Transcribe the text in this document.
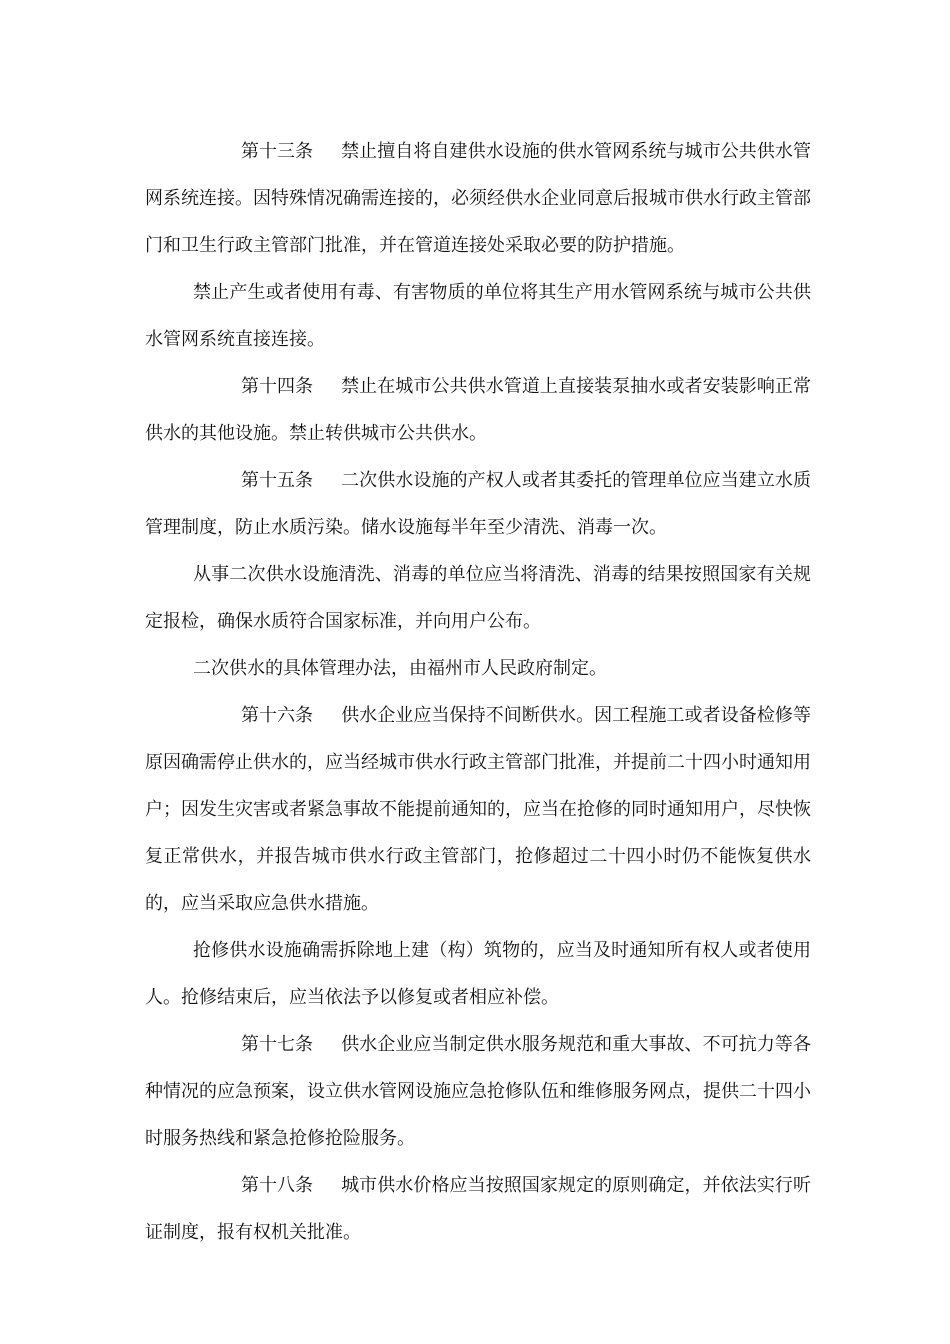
第十三条 禁止擅自将自建供水设施的供水管网系统与城市公共供水管网系统连接。因特殊情况确需连接的，必须经供水企业同意后报城市供水行政主管部门和卫生行政主管部门批准，并在管道连接处采取必要的防护措施。

禁止产生或者使用有毒、有害物质的单位将其生产用水管网系统与城市公共供水管网系统直接连接。

第十四条 禁止在城市公共供水管道上直接装泵抽水或者安装影响正常供水的其他设施。禁止转供城市公共供水。

第十五条 二次供水设施的产权人或者其委托的管理单位应当建立水质管理制度，防止水质污染。储水设施每半年至少清洗、消毒一次。

从事二次供水设施清洗、消毒的单位应当将清洗、消毒的结果按照国家有关规定报检，确保水质符合国家标准，并向用户公布。

二次供水的具体管理办法，由福州市人民政府制定。

第十六条 供水企业应当保持不间断供水。因工程施工或者设备检修等原因确需停止供水的，应当经城市供水行政主管部门批准，并提前二十四小时通知用户；因发生灾害或者紧急事故不能提前通知的，应当在抢修的同时通知用户，尽快恢复正常供水，并报告城市供水行政主管部门，抢修超过二十四小时仍不能恢复供水的，应当采取应急供水措施。

抢修供水设施确需拆除地上建（构）筑物的，应当及时通知所有权人或者使用人。抢修结束后，应当依法予以修复或者相应补偿。

第十七条 供水企业应当制定供水服务规范和重大事故、不可抗力等各种情况的应急预案，设立供水管网设施应急抢修队伍和维修服务网点，提供二十四小时服务热线和紧急抢修抢险服务。

第十八条 城市供水价格应当按照国家规定的原则确定，并依法实行听证制度，报有权机关批准。
